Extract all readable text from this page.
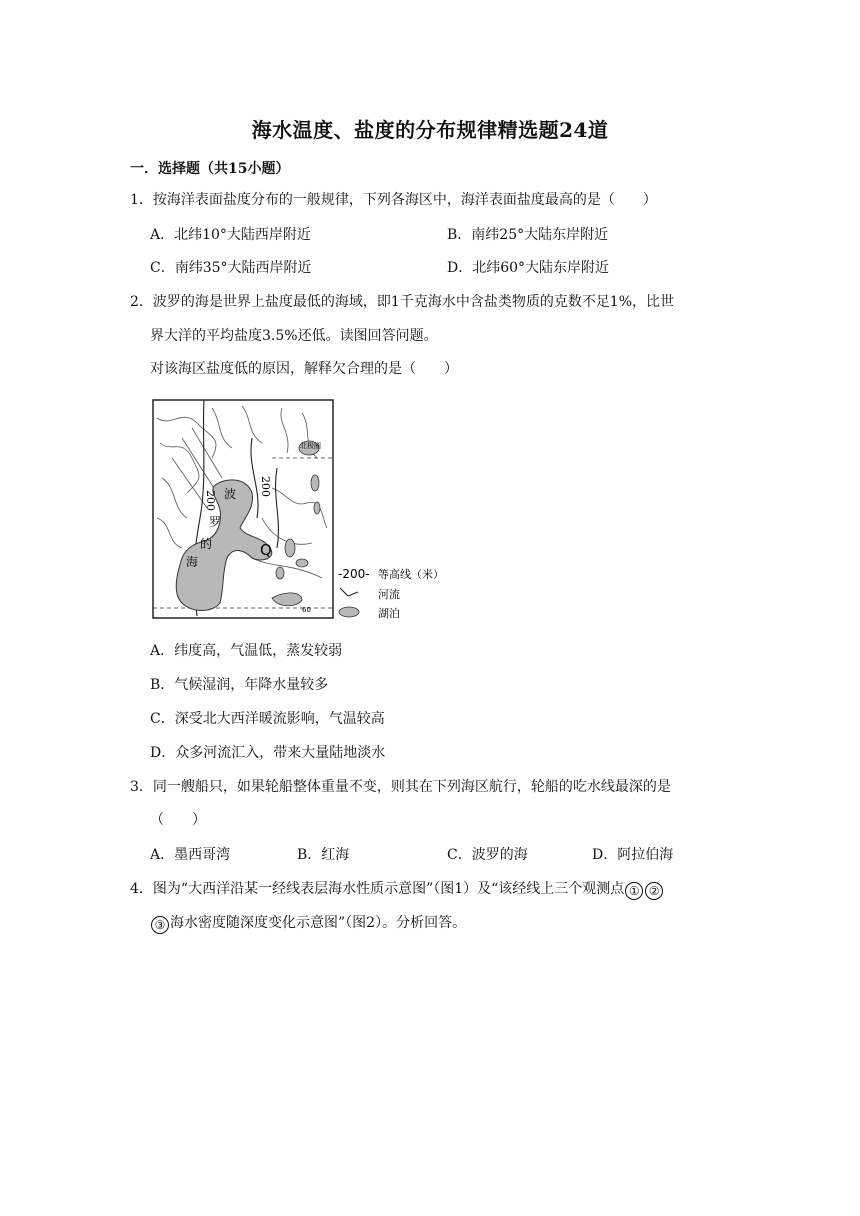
海水温度、盐度的分布规律精选题24道
一．选择题（共15小题）
1．按海洋表面盐度分布的一般规律，下列各海区中，海洋表面盐度最高的是（　　）
A．北纬10°大陆西岸附近	B．南纬25°大陆东岸附近
C．南纬35°大陆西岸附近	D．北纬60°大陆东岸附近
2．波罗的海是世界上盐度最低的海域，即1千克海水中含盐类物质的克数不足1%，比世
界大洋的平均盐度3.5%还低。读图回答问题。
对该海区盐度低的原因，解释欠合理的是（　　）
200
200
波
罗
的
海
Q
60
北极圈
-200- 等高线（米）
河流
湖泊
A．纬度高，气温低，蒸发较弱
B．气候湿润，年降水量较多
C．深受北大西洋暖流影响，气温较高
D．众多河流汇入，带来大量陆地淡水
3．同一艘船只，如果轮船整体重量不变，则其在下列海区航行，轮船的吃水线最深的是
（　　）
A．墨西哥湾	B．红海	C．波罗的海	D．阿拉伯海
4．图为“大西洋沿某一经线表层海水性质示意图”（图1）及“该经线上三个观测点 ① ②
③ 海水密度随深度变化示意图”（图2）。分析回答。
